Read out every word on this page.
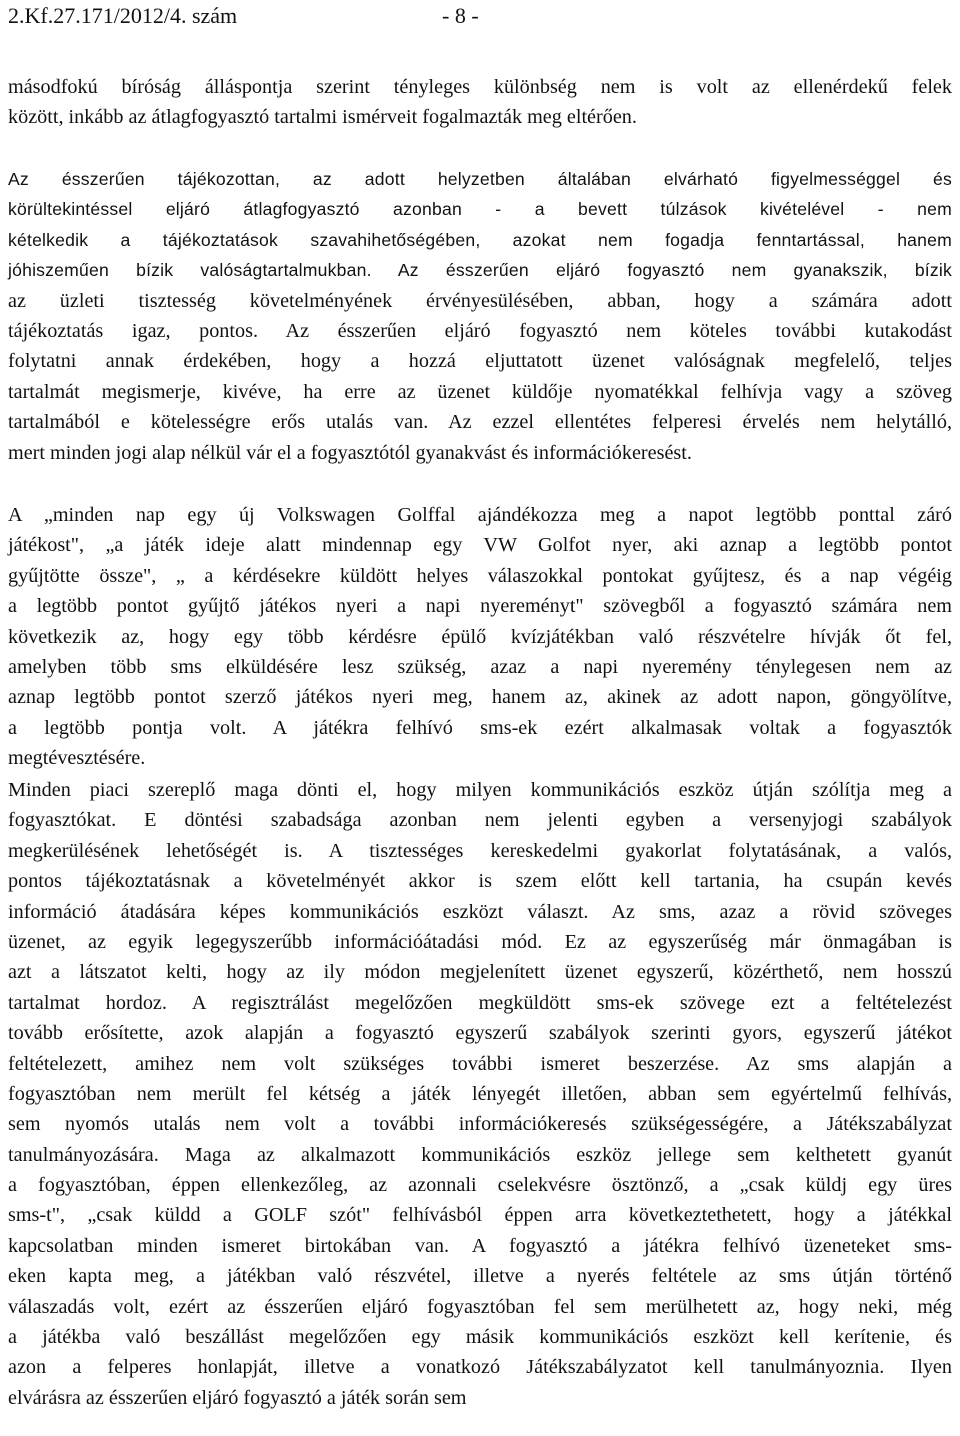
2.Kf.27.171/2012/4. szám	- 8 -
másodfokú bíróság álláspontja szerint tényleges különbség nem is volt az ellenérdekű felek
között, inkább az átlagfogyasztó tartalmi ismérveit fogalmazták meg eltérően.
Az ésszerűen tájékozottan, az adott helyzetben általában elvárható figyelmességgel és
körültekintéssel eljáró átlagfogyasztó azonban - a bevett túlzások kivételével - nem
kételkedik a tájékoztatások szavahihetőségében, azokat nem fogadja fenntartással, hanem
jóhiszeműen bízik valóságtartalmukban. Az ésszerűen eljáró fogyasztó nem gyanakszik, bízik
az üzleti tisztesség követelményének érvényesülésében, abban, hogy a számára adott
tájékoztatás igaz, pontos. Az ésszerűen eljáró fogyasztó nem köteles további kutakodást
folytatni annak érdekében, hogy a hozzá eljuttatott üzenet valóságnak megfelelő, teljes
tartalmát megismerje, kivéve, ha erre az üzenet küldője nyomatékkal felhívja vagy a szöveg
tartalmából e kötelességre erős utalás van. Az ezzel ellentétes felperesi érvelés nem helytálló,
mert minden jogi alap nélkül vár el a fogyasztótól gyanakvást és információkeresést.
A „minden nap egy új Volkswagen Golffal ajándékozza meg a napot legtöbb ponttal záró
játékost", „a játék ideje alatt mindennap egy VW Golfot nyer, aki aznap a legtöbb pontot
gyűjtötte össze", „ a kérdésekre küldött helyes válaszokkal pontokat gyűjtesz, és a nap végéig
a legtöbb pontot gyűjtő játékos nyeri a napi nyereményt" szövegből a fogyasztó számára nem
következik az, hogy egy több kérdésre épülő kvízjátékban való részvételre hívják őt fel,
amelyben több sms elküldésére lesz szükség, azaz a napi nyeremény ténylegesen nem az
aznap legtöbb pontot szerző játékos nyeri meg, hanem az, akinek az adott napon, göngyölítve,
a legtöbb pontja volt. A játékra felhívó sms-ek ezért alkalmasak voltak a fogyasztók
megtévesztésére.
Minden piaci szereplő maga dönti el, hogy milyen kommunikációs eszköz útján szólítja meg a
fogyasztókat. E döntési szabadsága azonban nem jelenti egyben a versenyjogi szabályok
megkerülésének lehetőségét is. A tisztességes kereskedelmi gyakorlat folytatásának, a valós,
pontos tájékoztatásnak a követelményét akkor is szem előtt kell tartania, ha csupán kevés
információ átadására képes kommunikációs eszközt választ. Az sms, azaz a rövid szöveges
üzenet, az egyik legegyszerűbb információátadási mód. Ez az egyszerűség már önmagában is
azt a látszatot kelti, hogy az ily módon megjelenített üzenet egyszerű, közérthető, nem hosszú
tartalmat hordoz. A regisztrálást megelőzően megküldött sms-ek szövege ezt a feltételezést
tovább erősítette, azok alapján a fogyasztó egyszerű szabályok szerinti gyors, egyszerű játékot
feltételezett, amihez nem volt szükséges további ismeret beszerzése. Az sms alapján a
fogyasztóban nem merült fel kétség a játék lényegét illetően, abban sem egyértelmű felhívás,
sem nyomós utalás nem volt a további információkeresés szükségességére, a Játékszabályzat
tanulmányozására. Maga az alkalmazott kommunikációs eszköz jellege sem kelthetett gyanút
a fogyasztóban, éppen ellenkezőleg, az azonnali cselekvésre ösztönző, a „csak küldj egy üres
sms-t", „csak küldd a GOLF szót" felhívásból éppen arra következtethetett, hogy a játékkal
kapcsolatban minden ismeret birtokában van. A fogyasztó a játékra felhívó üzeneteket sms-
eken kapta meg, a játékban való részvétel, illetve a nyerés feltétele az sms útján történő
válaszadás volt, ezért az ésszerűen eljáró fogyasztóban fel sem merülhetett az, hogy neki, még
a játékba való beszállást megelőzően egy másik kommunikációs eszközt kell kerítenie, és
azon a felperes honlapját, illetve a vonatkozó Játékszabályzatot kell tanulmányoznia. Ilyen
elvárásra az ésszerűen eljáró fogyasztó a játék során sem
